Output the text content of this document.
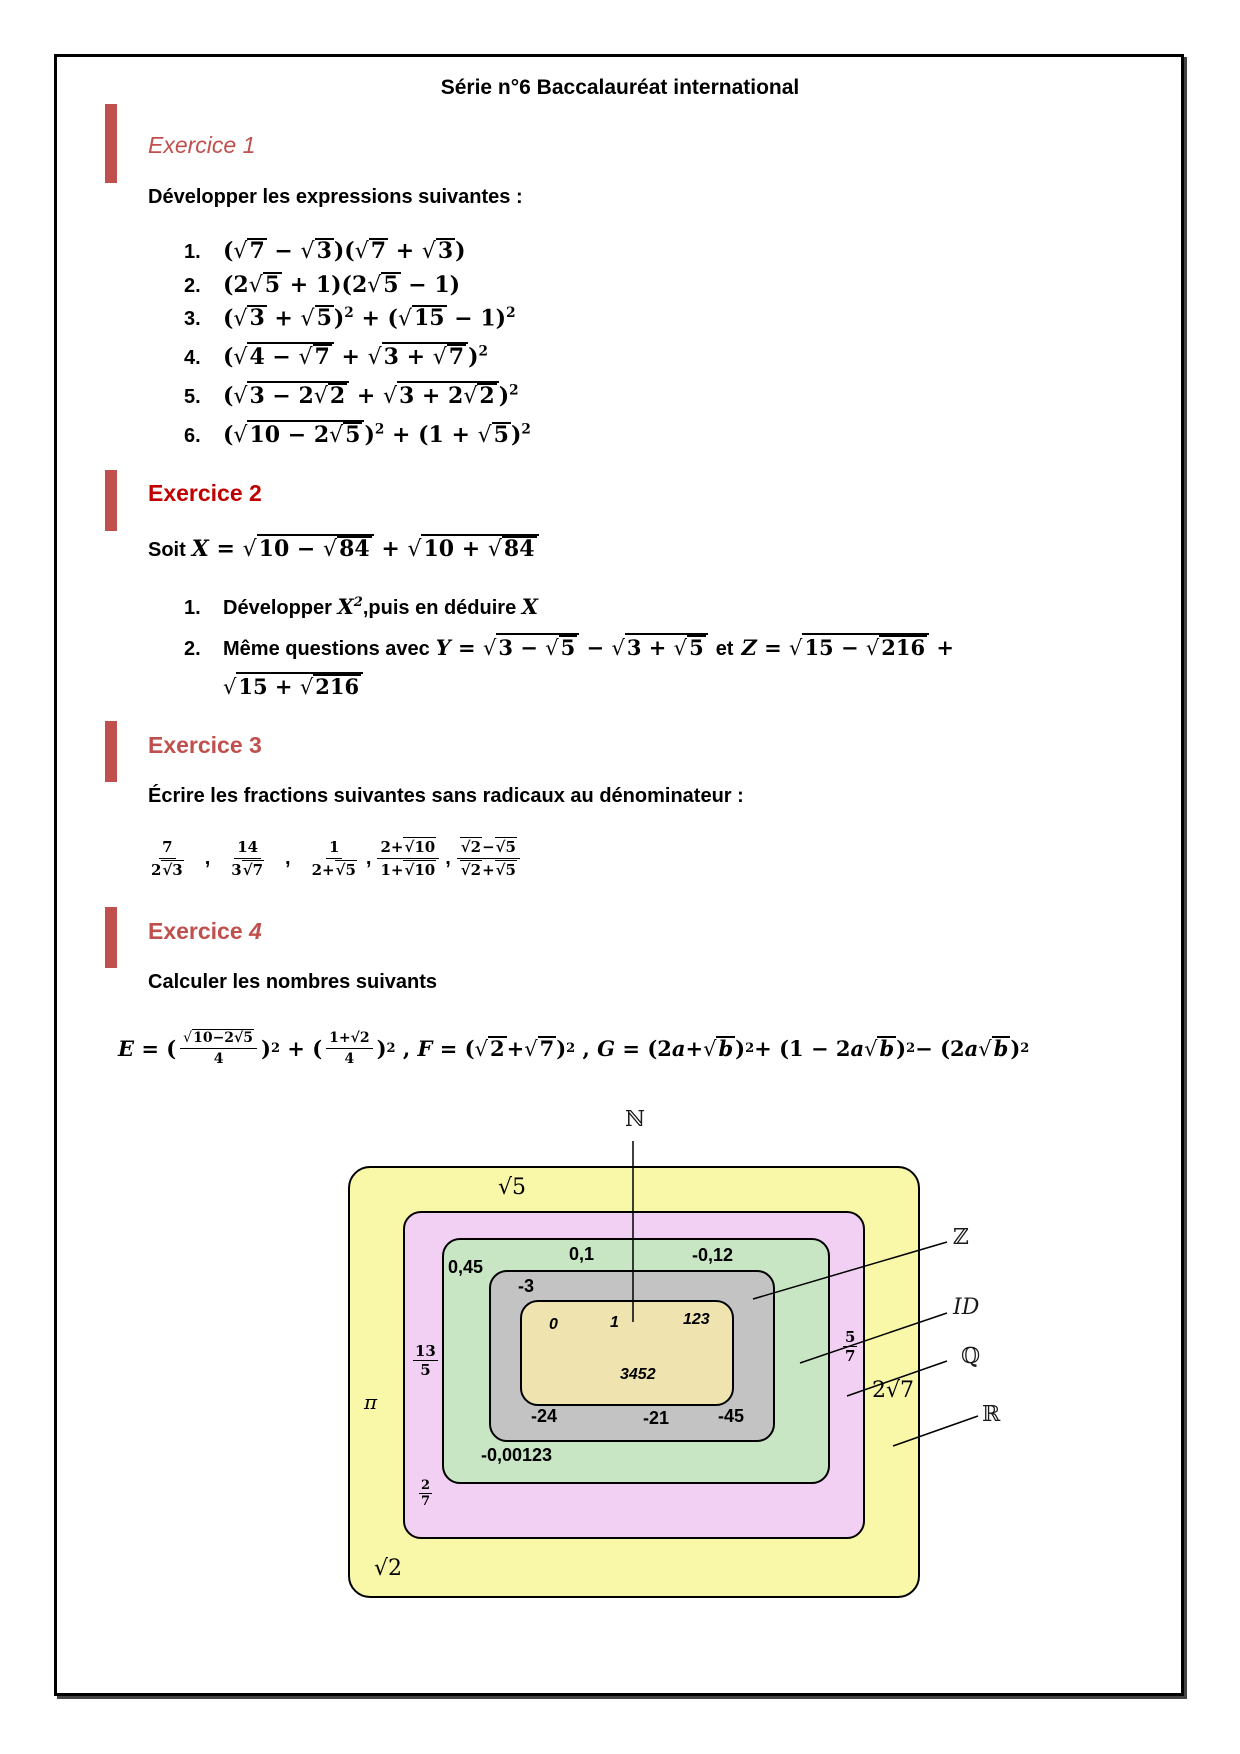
Série n°6 Baccalauréat international
Exercice 1
Développer les expressions suivantes :
1.	(√7 − √3)(√7 + √3)
2.	(2√5 + 1)(2√5 − 1)
3.	$(√3 + √5)^2 + (√15 - 1)^2$
4.	(√4 − √7 + √3 + √7 )$^2$
5.	(√3 − 2√2 + √3 + 2√2 )$^2$
6.	(√10 − 2√5 )$^2 + (1 + √5)^2$
Exercice 2
Soit X = √10 − √84 + √10 + √84
1.	Développer $X^2,puis$ en déduire X
2.	Même questions avec Y = √3 − √5 − √3 + √5 et Z = √15 − √216 +
√15 + √216
Exercice 3
Écrire les fractions suivantes sans radicaux au dénominateur :
$\frac{7}{2√3}$ , $\frac{14}{3√7}$ , $\frac{1}{2+√5}$ , $\frac{2+√10}{1+√10}$ , $\frac{√2-√5}{√2+√5}$
Exercice 4
Calculer les nombres suivants
E = ( $\frac{√10-2√5}{4}$ ) 2 + ( $\frac{1+√2}{4}$ ) 2 , F = ( √ 2 + √ 7 ) 2 , G = (2 a + √ b ) 2 + (1 − 2 a √ b ) 2 − (2 a √ b ) 2
ℕ
ℤ
ID
ℚ
ℝ
0	1	123
3452
-3
-24	-21	-45
0,45
0,1	-0,12
-0,00123
13
5
5
7
2
7
√5
π	2√7
√2
